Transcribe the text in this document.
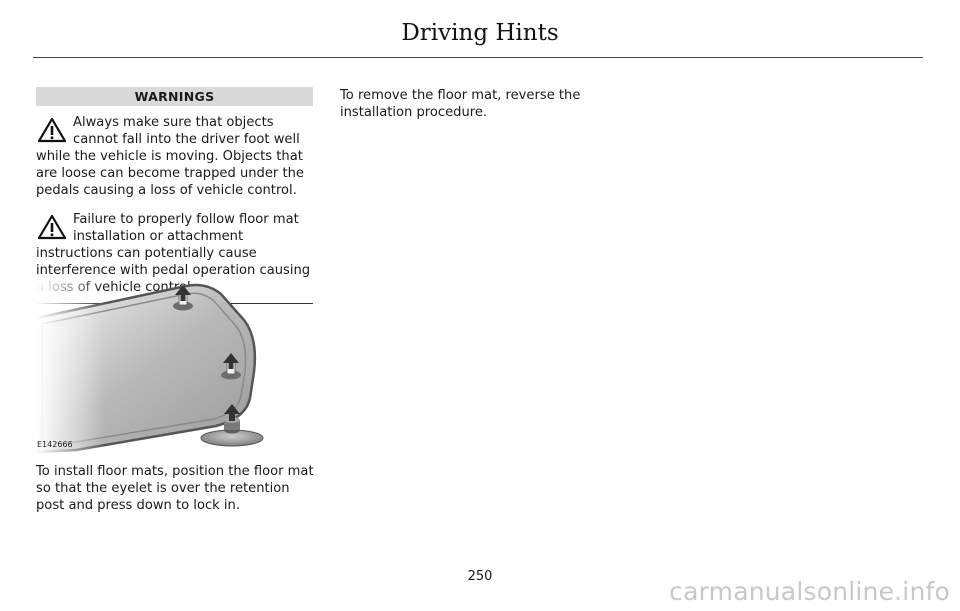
Driving Hints
WARNINGS

Always make sure that objects cannot fall into the driver foot well while the vehicle is moving. Objects that are loose can become trapped under the pedals causing a loss of vehicle control.

Failure to properly follow floor mat installation or attachment instructions can potentially cause interference with pedal operation causing

E142666

To install floor mats, position the floor mat so that the eyelet is over the retention post and press down to lock in.

To remove the floor mat, reverse the installation procedure.

250
carmanualsonline.info
